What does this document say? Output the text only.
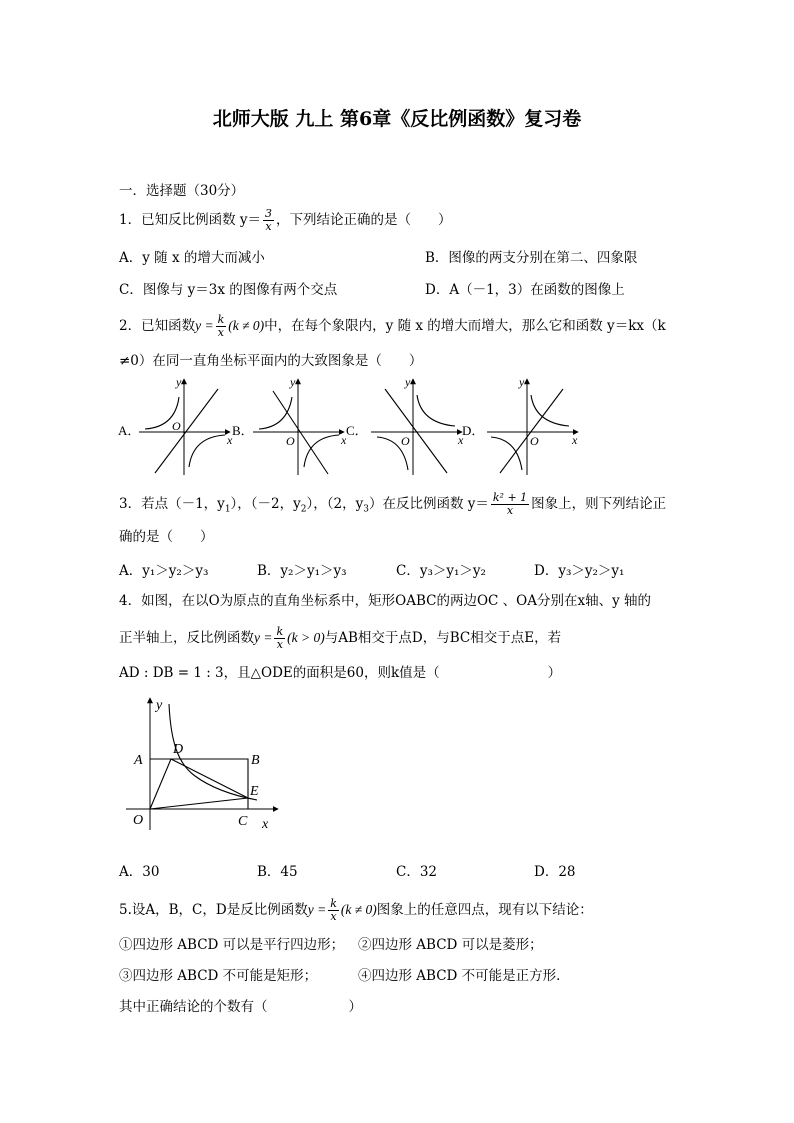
北师大版 九上 第6章《反比例函数》复习卷
一．选择题（30分）
1．已知反比例函数 $y= \frac{3}{x}$ ，下列结论正确的是（　　）
A．y 随 x 的增大而减小	B．图像的两支分别在第二、四象限
C．图像与 y＝3x 的图像有两个交点	D．A（－1，3）在函数的图像上
2．已知函数$y = \frac{k}{x} (k \ne 0)$中，在每个象限内，y 随 x 的增大而增大，那么它和函数 y＝kx（k
≠0）在同一直角坐标平面内的大致图象是（　　）
A．
y
x
O	B．
y
x
O
C．
y
x
O
D．
y
x
O
3．若点（－1，$y_1$），（－2，$y_2$），（2，$y_3$）在反比例函数 $y= \frac{\text{k² + 1}}{x}$ 图象上，则下列结论正
确的是（　　）
A．y₁＞y₂＞y₃	B．y₂＞y₁＞y₃	C．y₃＞y₁＞y₂	D．y₃＞y₂＞y₁
4．如图，在以O为原点的直角坐标系中，矩形OABC的两边OC 、OA分别在x轴、y 轴的
正半轴上，反比例函数$y = \frac{k}{x} (k > 0)$与AB相交于点D，与BC相交于点E，若
AD : DB = 1 : 3，且△ODE的面积是60，则k值是（　　　　　　　　）
y
x
O
A	B
C
D
E
A．30	B．45	C．32	D．28
5.设A，B，C，D是反比例函数$y = \frac{k}{x} (k \ne 0)$图象上的任意四点，现有以下结论：
①四边形 ABCD 可以是平行四边形； ②四边形 ABCD 可以是菱形；
③四边形 ABCD 不可能是矩形；	④四边形 ABCD 不可能是正方形．
其中正确结论的个数有（　　　　　　）
